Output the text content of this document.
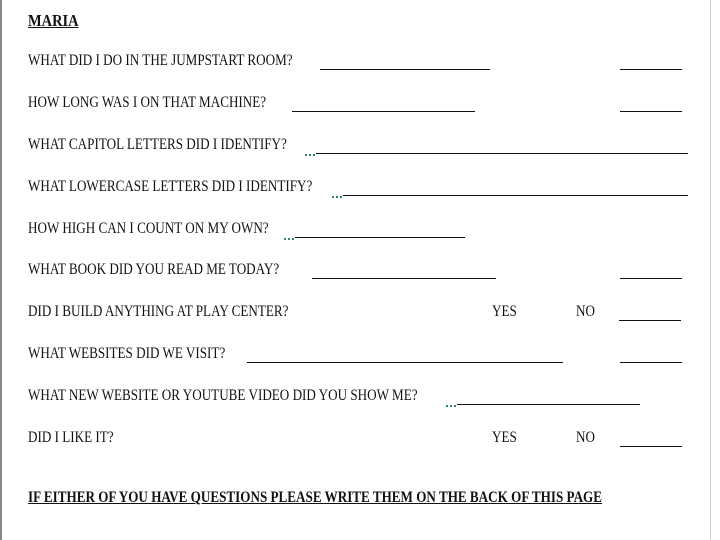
MARIA
WHAT DID I DO IN THE JUMPSTART ROOM?
HOW LONG WAS I ON THAT MACHINE?
WHAT CAPITOL LETTERS DID I IDENTIFY?
WHAT LOWERCASE LETTERS DID I IDENTIFY?
HOW HIGH CAN I COUNT ON MY OWN?
WHAT BOOK DID YOU READ ME TODAY?
DID I BUILD ANYTHING AT PLAY CENTER?	YES	NO
WHAT WEBSITES DID WE VISIT?
WHAT NEW WEBSITE OR YOUTUBE VIDEO DID YOU SHOW ME?
DID I LIKE IT?	YES	NO
IF EITHER OF YOU HAVE QUESTIONS PLEASE WRITE THEM ON THE BACK OF THIS PAGE
